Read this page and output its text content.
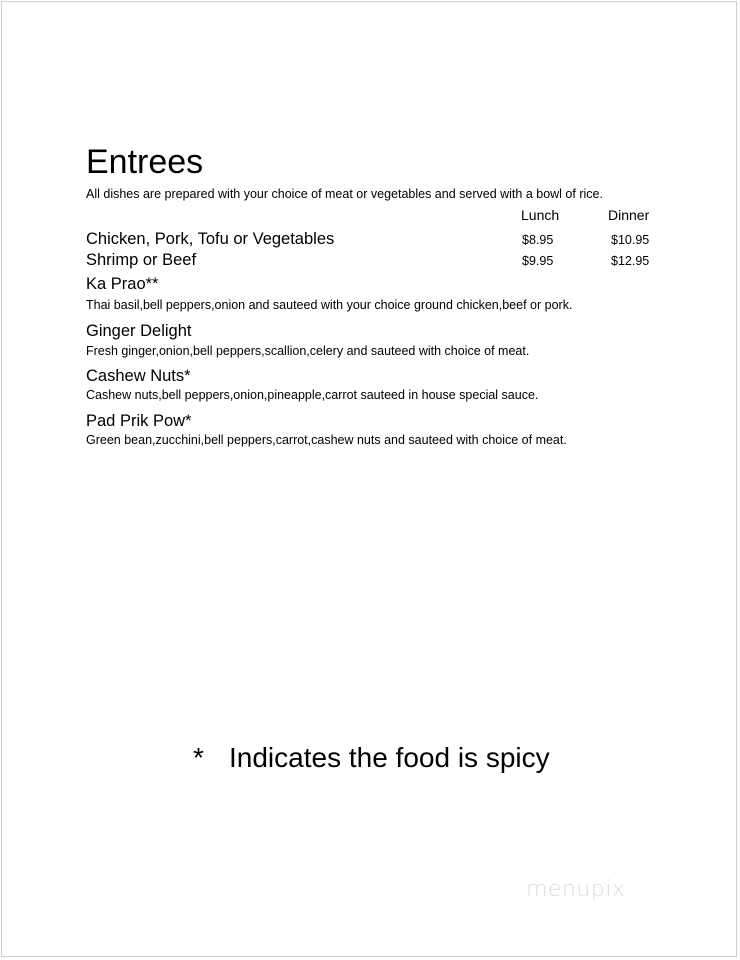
Entrees
All dishes are prepared with your choice of meat or vegetables and served with a bowl of rice.
Lunch	Dinner
Chicken, Pork, Tofu or Vegetables	$8.95	$10.95
Shrimp or Beef	$9.95	$12.95
Ka Prao**
Thai basil,bell peppers,onion and sauteed with your choice ground chicken,beef or pork.
Ginger Delight
Fresh ginger,onion,bell peppers,scallion,celery and sauteed with choice of meat.
Cashew Nuts*
Cashew nuts,bell peppers,onion,pineapple,carrot sauteed in house special sauce.
Pad Prik Pow*
Green bean,zucchini,bell peppers,carrot,cashew nuts and sauteed with choice of meat.
* Indicates the food is spicy
menupix
